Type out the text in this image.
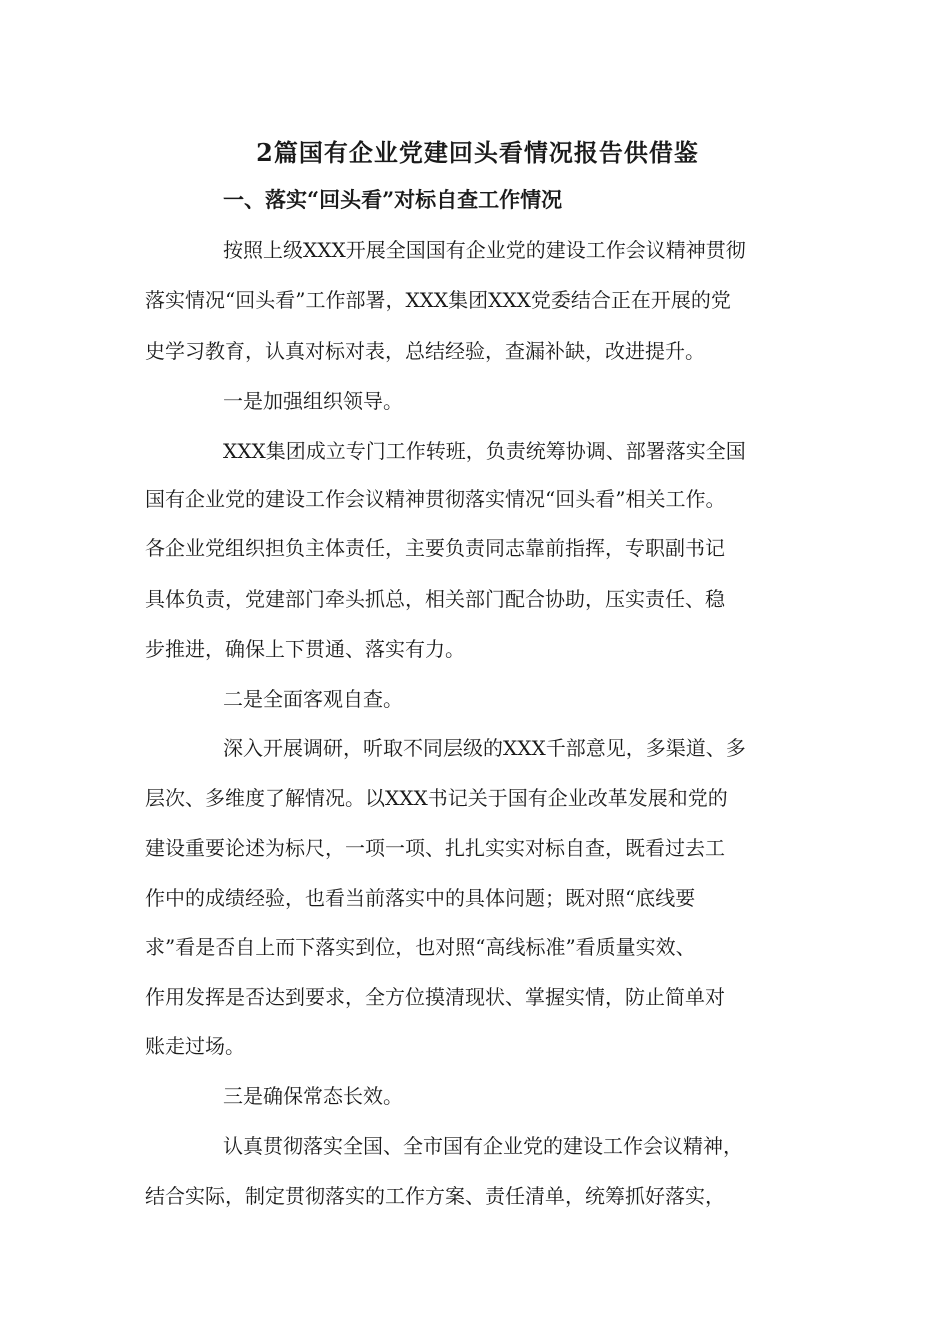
2篇国有企业党建回头看情况报告供借鉴
一、落实“回头看”对标自查工作情况
按照上级XXX开展全国国有企业党的建设工作会议精神贯彻
落实情况“回头看”工作部署，XXX集团XXX党委结合正在开展的党
史学习教育，认真对标对表，总结经验，查漏补缺，改进提升。
一是加强组织领导。
XXX集团成立专门工作转班，负责统筹协调、部署落实全国
国有企业党的建设工作会议精神贯彻落实情况“回头看”相关工作。
各企业党组织担负主体责任，主要负责同志靠前指挥，专职副书记
具体负责，党建部门牵头抓总，相关部门配合协助，压实责任、稳
步推进，确保上下贯通、落实有力。
二是全面客观自查。
深入开展调研，听取不同层级的XXX千部意见，多渠道、多
层次、多维度了解情况。以XXX书记关于国有企业改革发展和党的
建设重要论述为标尺，一项一项、扎扎实实对标自查，既看过去工
作中的成绩经验，也看当前落实中的具体问题；既对照“底线要
求”看是否自上而下落实到位，也对照“高线标准”看质量实效、
作用发挥是否达到要求，全方位摸清现状、掌握实情，防止简单对
账走过场。
三是确保常态长效。
认真贯彻落实全国、全市国有企业党的建设工作会议精神，
结合实际，制定贯彻落实的工作方案、责任清单，统筹抓好落实，
